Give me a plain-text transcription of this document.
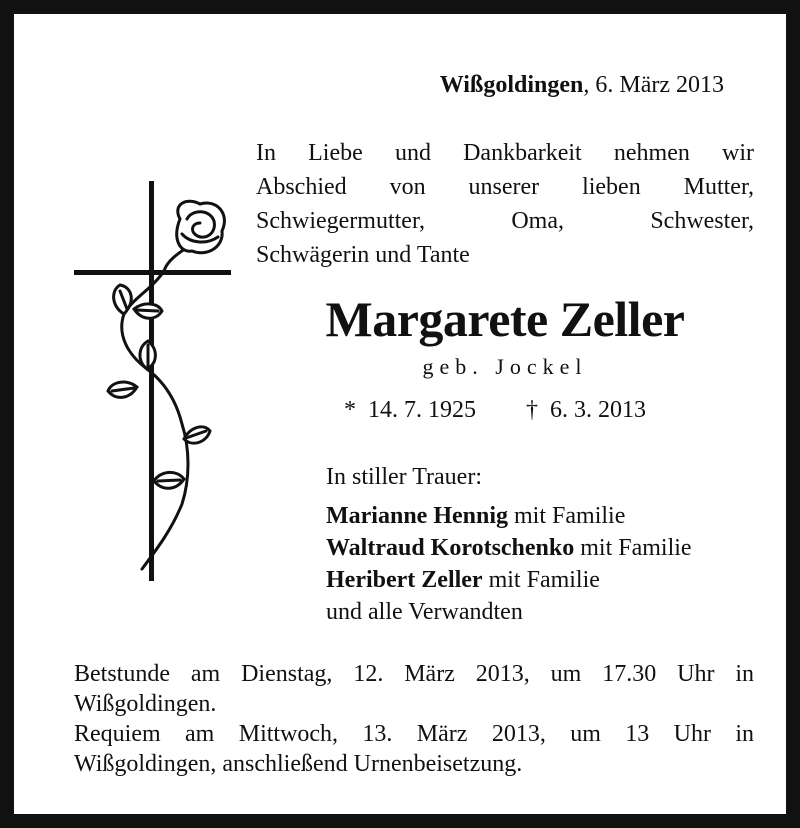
Wißgoldingen, 6. März 2013
In Liebe und Dankbarkeit nehmen wir
Abschied von unserer lieben Mutter,
Schwiegermutter, Oma, Schwester,
Schwägerin und Tante
Margarete Zeller
geb. Jockel
* 14. 7. 1925 † 6. 3. 2013
In stiller Trauer:
Marianne Hennig mit Familie
Waltraud Korotschenko mit Familie
Heribert Zeller mit Familie
und alle Verwandten
Betstunde am Dienstag, 12. März 2013, um 17.30 Uhr in
Wißgoldingen.
Requiem am Mittwoch, 13. März 2013, um 13 Uhr in
Wißgoldingen, anschließend Urnenbeisetzung.
